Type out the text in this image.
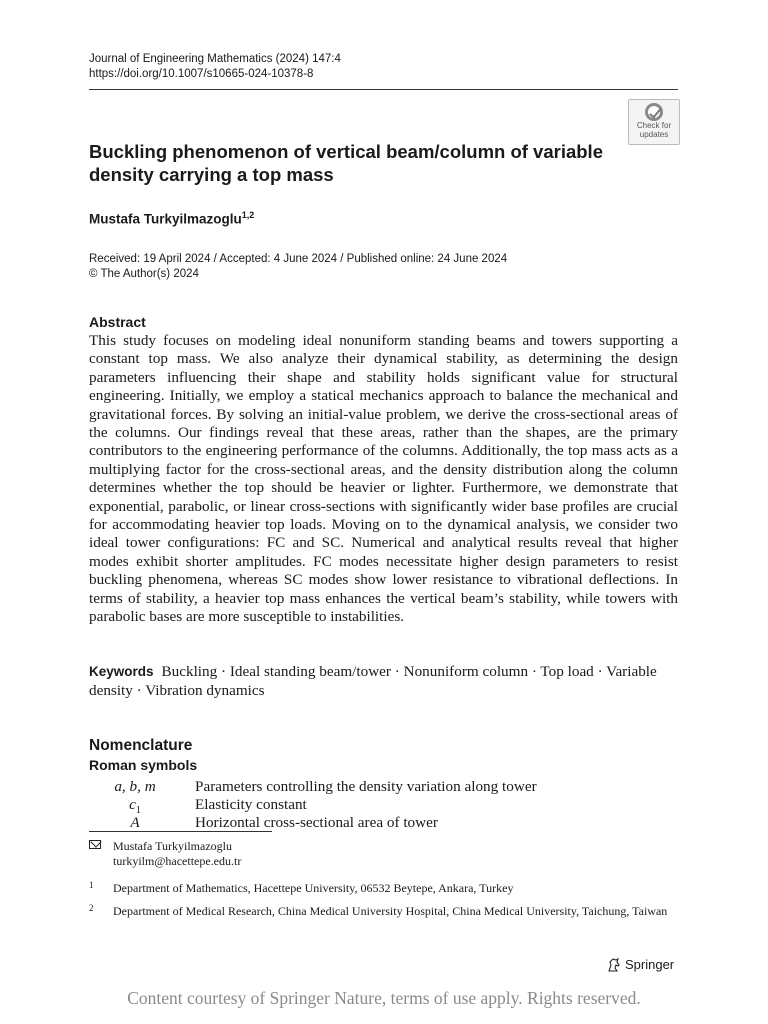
Journal of Engineering Mathematics (2024) 147:4
https://doi.org/10.1007/s10665-024-10378-8
Check for
updates
Buckling phenomenon of vertical beam/column of variable density carrying a top mass
Mustafa Turkyilmazoglu$^{1,2}$
Received: 19 April 2024 / Accepted: 4 June 2024 / Published online: 24 June 2024
© The Author(s) 2024
Abstract
This study focuses on modeling ideal nonuniform standing beams and towers supporting a constant top mass. We also analyze their dynamical stability, as determining the design parameters influencing their shape and stability holds significant value for structural engineering. Initially, we employ a statical mechanics approach to balance the mechanical and gravitational forces. By solving an initial-value problem, we derive the cross-sectional areas of the columns. Our findings reveal that these areas, rather than the shapes, are the primary contributors to the engineering performance of the columns. Additionally, the top mass acts as a multiplying factor for the cross-sectional areas, and the density distribution along the column determines whether the top should be heavier or lighter. Furthermore, we demonstrate that exponential, parabolic, or linear cross-sections with significantly wider base profiles are crucial for accommodating heavier top loads. Moving on to the dynamical analysis, we consider two ideal tower configurations: FC and SC. Numerical and analytical results reveal that higher modes exhibit shorter amplitudes. FC modes necessitate higher design parameters to resist buckling phenomena, whereas SC modes show lower resistance to vibrational deflections. In terms of stability, a heavier top mass enhances the vertical beam’s stability, while towers with parabolic bases are more susceptible to instabilities.
Keywords Buckling · Ideal standing beam/tower · Nonuniform column · Top load · Variable density · Vibration dynamics
Nomenclature
Roman symbols
a, b, m	Parameters controlling the density variation along tower
$c_1$	Elasticity constant
A	Horizontal cross-sectional area of tower
Mustafa Turkyilmazoglu
turkyilm@hacettepe.edu.tr
1 Department of Mathematics, Hacettepe University, 06532 Beytepe, Ankara, Turkey
2 Department of Medical Research, China Medical University Hospital, China Medical University, Taichung, Taiwan
Springer
Content courtesy of Springer Nature, terms of use apply. Rights reserved.
